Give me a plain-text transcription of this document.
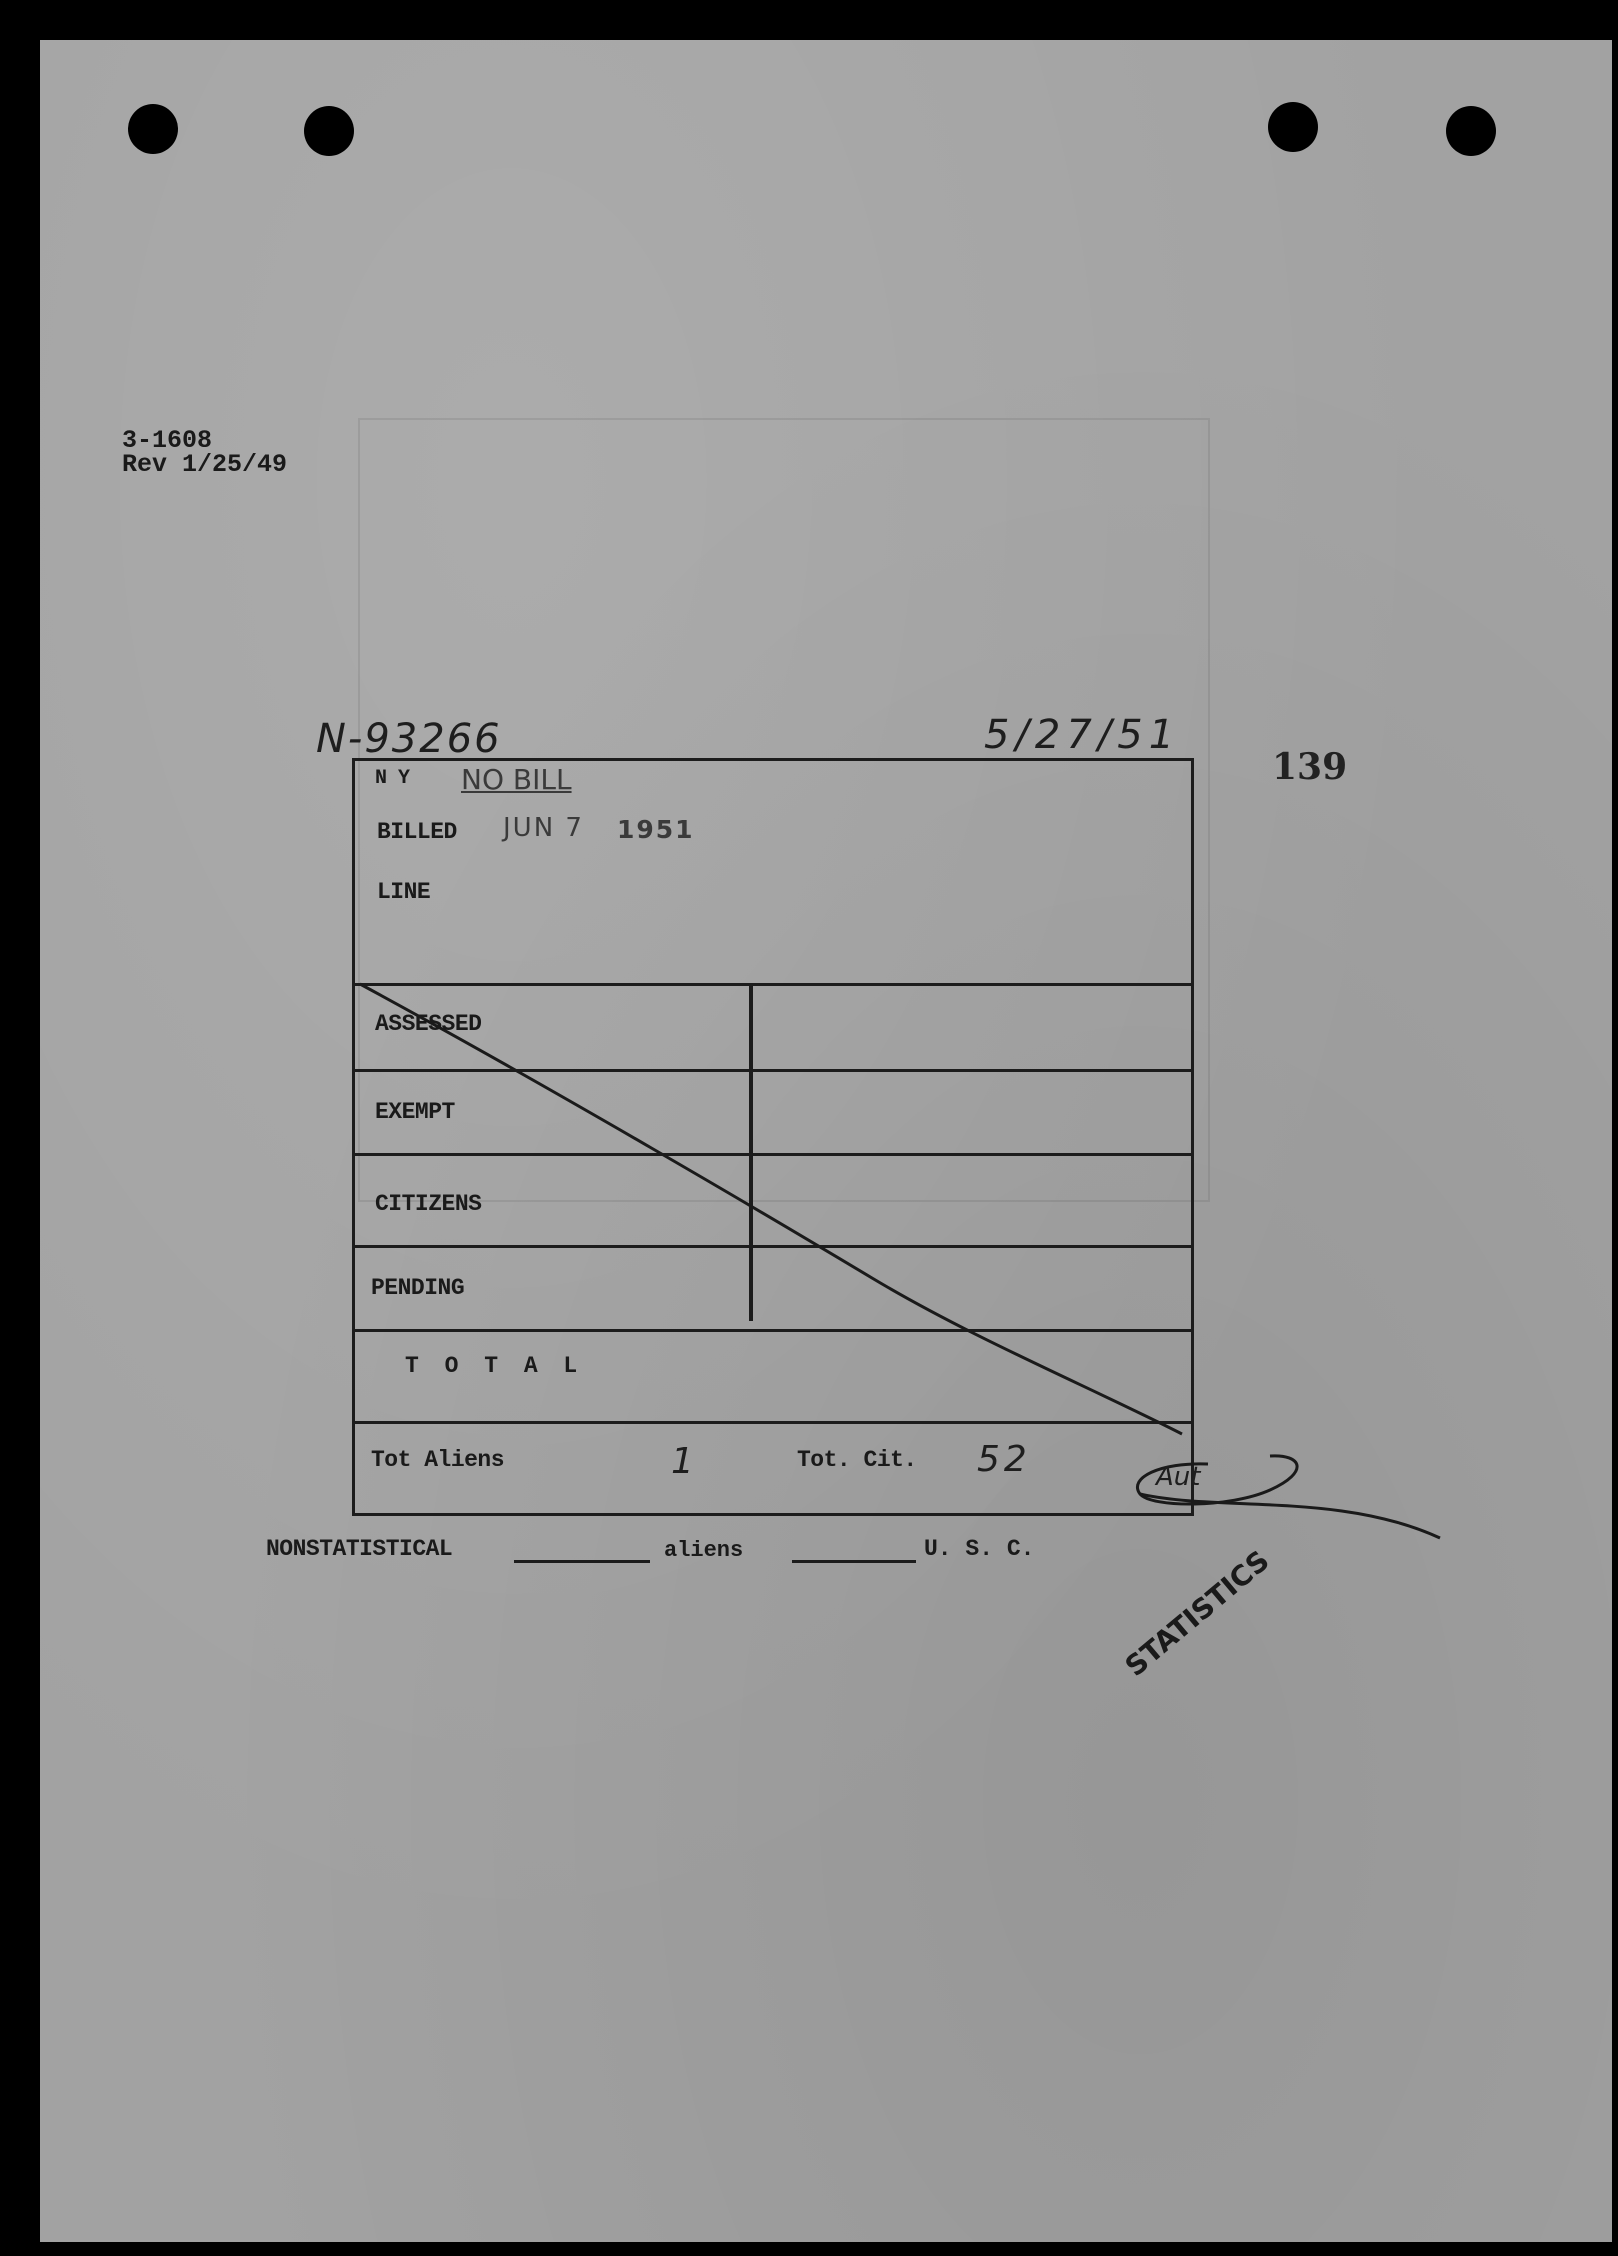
3-1608
Rev 1/25/49
N-93266	5/27/51
139
N Y NO BILL
BILLED JUN 7 1951
LINE
ASSESSED
EXEMPT
CITIZENS
PENDING
T O T A L
Tot Aliens	1	Tot. Cit. 52	Aut
NONSTATISTICAL	aliens	U. S. C.	STATISTICS
